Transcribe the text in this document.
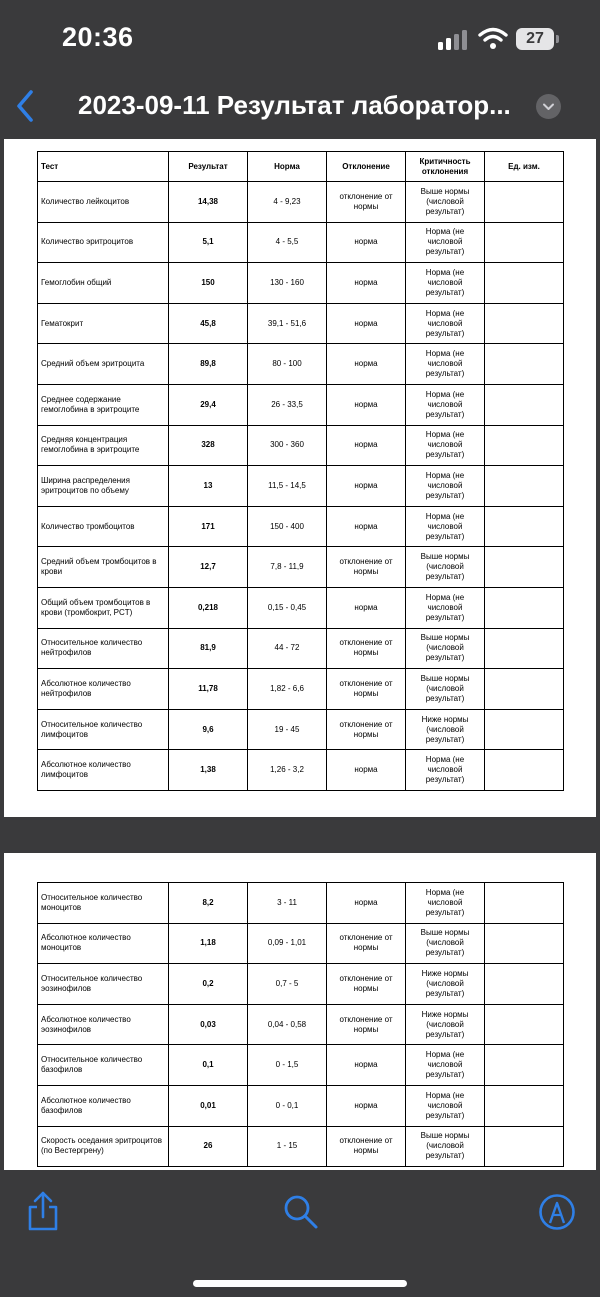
20:36	27
2023-09-11 Результат лаборатор...
Тест	Результат	Норма	Отклонение	Критичность отклонения	Ед. изм.
Количество лейкоцитов	14,38	4 - 9,23	отклонение от нормы	Выше нормы (числовой результат)	
Количество эритроцитов	5,1	4 - 5,5	норма	Норма (не числовой результат)	
Гемоглобин общий	150	130 - 160	норма	Норма (не числовой результат)	
Гематокрит	45,8	39,1 - 51,6	норма	Норма (не числовой результат)	
Средний объем эритроцита	89,8	80 - 100	норма	Норма (не числовой результат)	
Среднее содержание гемоглобина в эритроците	29,4	26 - 33,5	норма	Норма (не числовой результат)	
Средняя концентрация гемоглобина в эритроците	328	300 - 360	норма	Норма (не числовой результат)	
Ширина распределения эритроцитов по объему	13	11,5 - 14,5	норма	Норма (не числовой результат)	
Количество тромбоцитов	171	150 - 400	норма	Норма (не числовой результат)	
Средний объем тромбоцитов в крови	12,7	7,8 - 11,9	отклонение от нормы	Выше нормы (числовой результат)	
Общий объем тромбоцитов в крови (тромбокрит, PCT)	0,218	0,15 - 0,45	норма	Норма (не числовой результат)	
Относительное количество нейтрофилов	81,9	44 - 72	отклонение от нормы	Выше нормы (числовой результат)	
Абсолютное количество нейтрофилов	11,78	1,82 - 6,6	отклонение от нормы	Выше нормы (числовой результат)	
Относительное количество лимфоцитов	9,6	19 - 45	отклонение от нормы	Ниже нормы (числовой результат)	
Абсолютное количество лимфоцитов	1,38	1,26 - 3,2	норма	Норма (не числовой результат)	
Относительное количество моноцитов	8,2	3 - 11	норма	Норма (не числовой результат)	
Абсолютное количество моноцитов	1,18	0,09 - 1,01	отклонение от нормы	Выше нормы (числовой результат)	
Относительное количество эозинофилов	0,2	0,7 - 5	отклонение от нормы	Ниже нормы (числовой результат)	
Абсолютное количество эозинофилов	0,03	0,04 - 0,58	отклонение от нормы	Ниже нормы (числовой результат)	
Относительное количество базофилов	0,1	0 - 1,5	норма	Норма (не числовой результат)	
Абсолютное количество базофилов	0,01	0 - 0,1	норма	Норма (не числовой результат)	
Скорость оседания эритроцитов (по Вестергрену)	26	1 - 15	отклонение от нормы	Выше нормы (числовой результат)	
